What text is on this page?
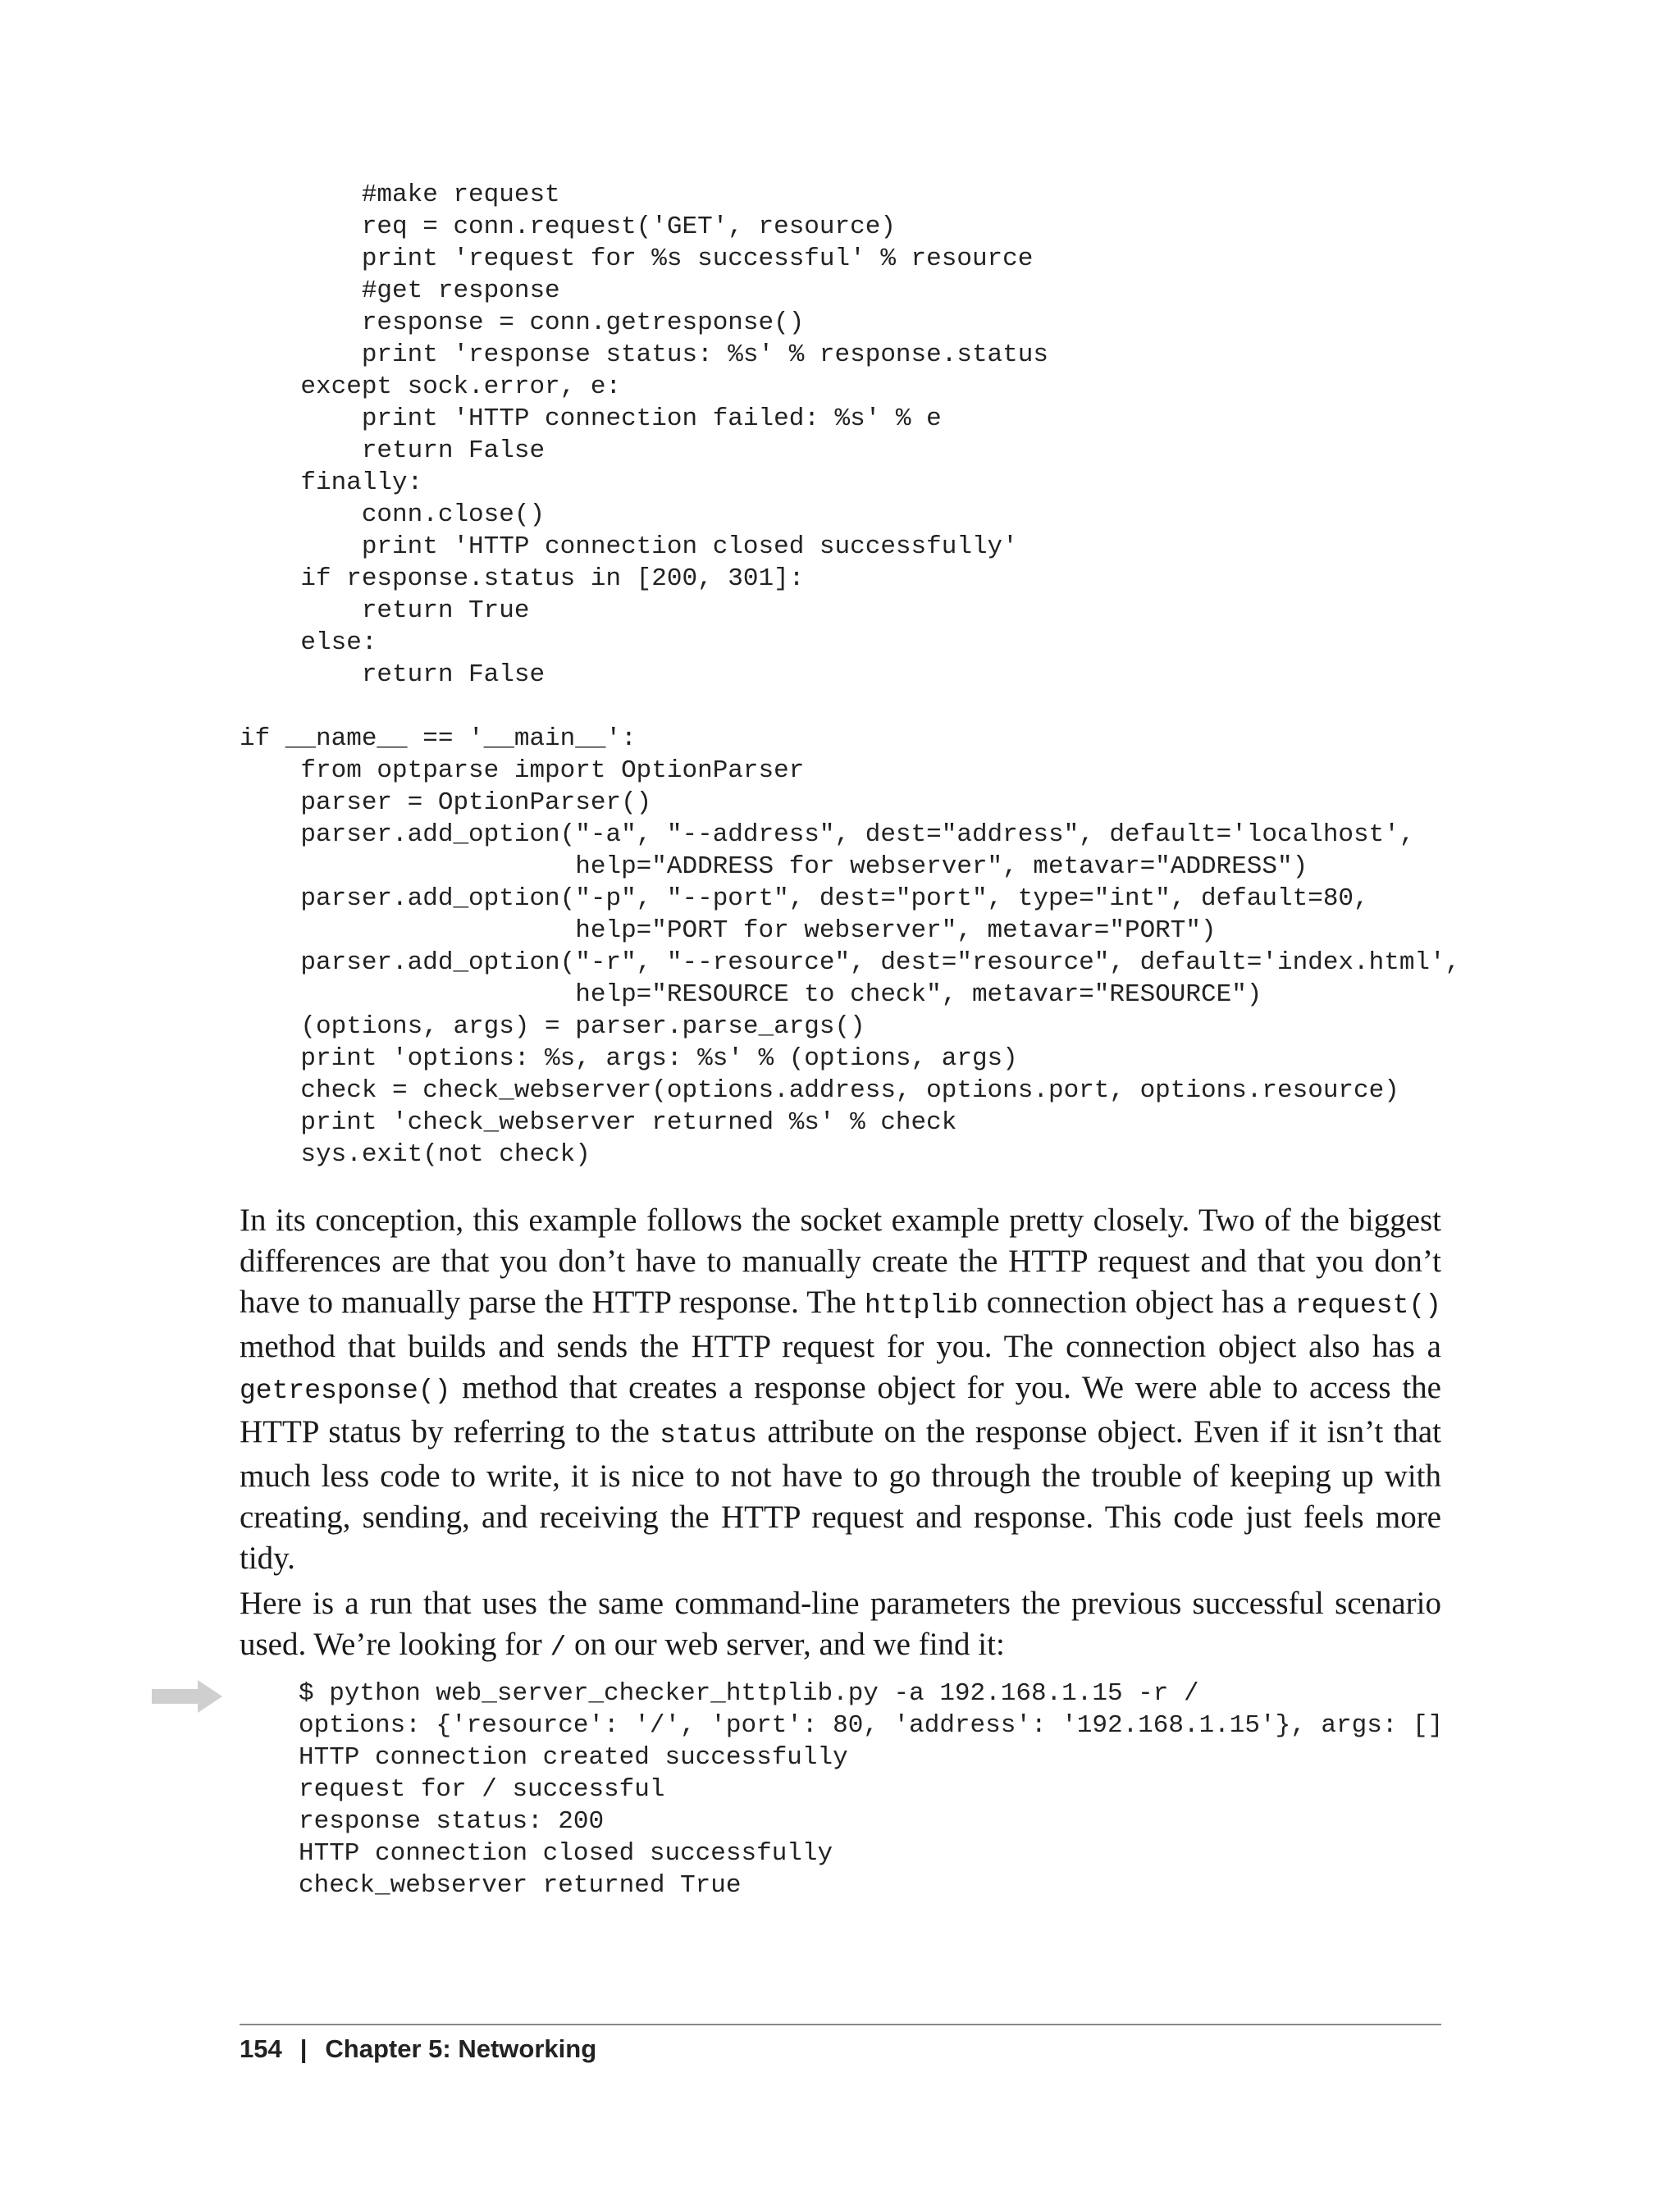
#make request
req = conn.request('GET', resource)
print 'request for %s successful' % resource
#get response
response = conn.getresponse()
print 'response status: %s' % response.status
except sock.error, e:
print 'HTTP connection failed: %s' % e
return False
finally:
conn.close()
print 'HTTP connection closed successfully'
if response.status in [200, 301]:
return True
else:
return False

if __name__ == '__main__':
from optparse import OptionParser
parser = OptionParser()
parser.add_option("-a", "--address", dest="address", default='localhost',
help="ADDRESS for webserver", metavar="ADDRESS")
parser.add_option("-p", "--port", dest="port", type="int", default=80,
help="PORT for webserver", metavar="PORT")
parser.add_option("-r", "--resource", dest="resource", default='index.html',
help="RESOURCE to check", metavar="RESOURCE")
(options, args) = parser.parse_args()
print 'options: %s, args: %s' % (options, args)
check = check_webserver(options.address, options.port, options.resource)
print 'check_webserver returned %s' % check
sys.exit(not check)

In its conception, this example follows the socket example pretty closely. Two of the biggest differences are that you don’t have to manually create the HTTP request and that you don’t have to manually parse the HTTP response. The httplib connection object has a request() method that builds and sends the HTTP request for you. The connection object also has a getresponse() method that creates a response object for you. We were able to access the HTTP status by referring to the status attribute on the response object. Even if it isn’t that much less code to write, it is nice to not have to go through the trouble of keeping up with creating, sending, and receiving the HTTP request and response. This code just feels more tidy.

Here is a run that uses the same command-line parameters the previous successful scenario used. We’re looking for / on our web server, and we find it:

$ python web_server_checker_httplib.py -a 192.168.1.15 -r /
options: {'resource': '/', 'port': 80, 'address': '192.168.1.15'}, args: []
HTTP connection created successfully
request for / successful
response status: 200
HTTP connection closed successfully
check_webserver returned True
154 | Chapter 5: Networking
